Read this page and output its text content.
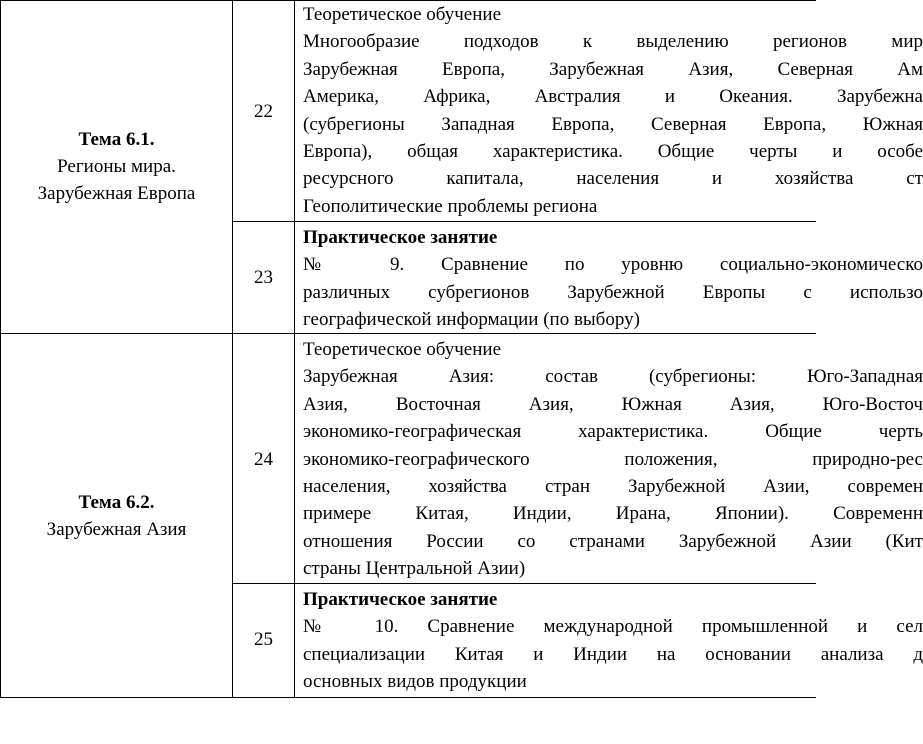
Тема 6.1.
Регионы мира.
Зарубежная Европа
22
Теоретическое обучение
Многообразие подходов к выделению регионов мир
Зарубежная Европа, Зарубежная Азия, Северная Ам
Америка, Африка, Австралия и Океания. Зарубежна
(субрегионы Западная Европа, Северная Европа, Южная
Европа), общая характеристика. Общие черты и особе
ресурсного капитала, населения и хозяйства ст
Геополитические проблемы региона
23
Практическое занятие
№ 9. Сравнение по уровню социально-экономическо
различных субрегионов Зарубежной Европы с использо
географической информации (по выбору)
Тема 6.2.
Зарубежная Азия
24
Теоретическое обучение
Зарубежная Азия: состав (субрегионы: Юго-Западная
Азия, Восточная Азия, Южная Азия, Юго-Восточ
экономико-географическая характеристика. Общие черть
экономико-географического положения, природно-рес
населения, хозяйства стран Зарубежной Азии, современ
примере Китая, Индии, Ирана, Японии). Современн
отношения России со странами Зарубежной Азии (Кит
страны Центральной Азии)
25
Практическое занятие
№ 10. Сравнение международной промышленной и сел
специализации Китая и Индии на основании анализа д
основных видов продукции
